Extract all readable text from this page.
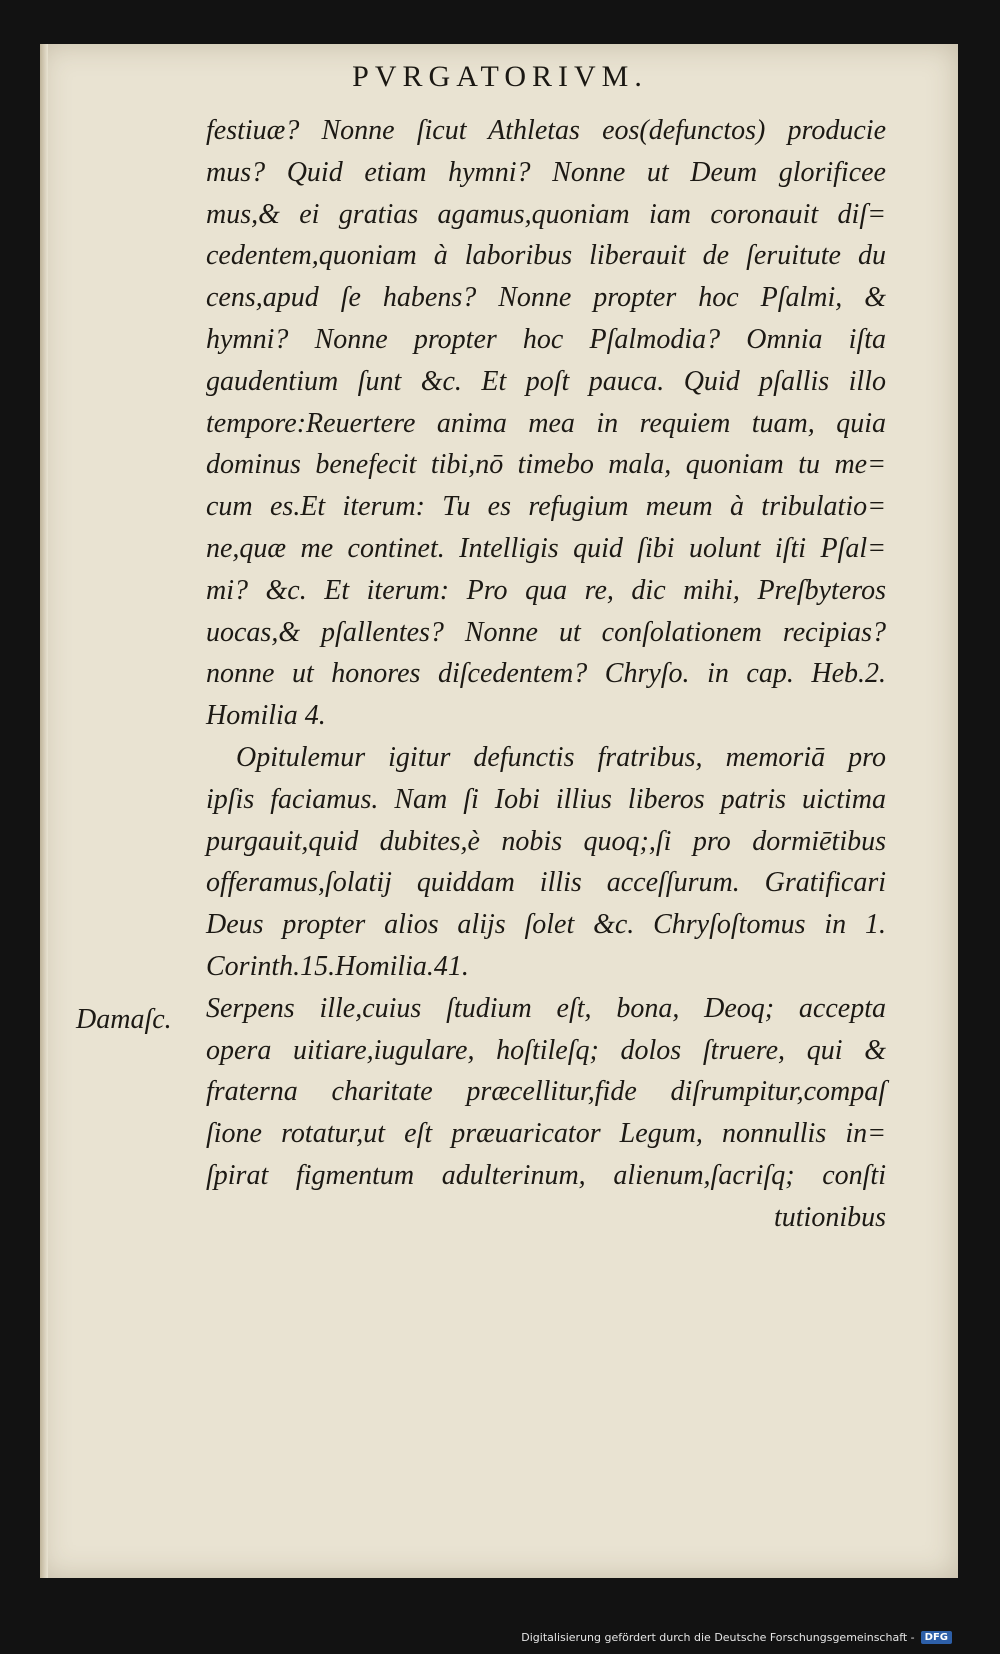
PVRGATORIVM.
festiuæ? Nonne ſicut Athletas eos(defunctos) producie
mus? Quid etiam hymni? Nonne ut Deum glorificee
mus,& ei gratias agamus,quoniam iam coronauit diſ=
cedentem,quoniam à laboribus liberauit de ſeruitute du
cens,apud ſe habens? Nonne propter hoc Pſalmi, &
hymni? Nonne propter hoc Pſalmodia? Omnia iſta
gaudentium ſunt &c. Et poſt pauca. Quid pſallis illo
tempore:Reuertere anima mea in requiem tuam, quia
dominus benefecit tibi,nō timebo mala, quoniam tu me=
cum es.Et iterum: Tu es refugium meum à tribulatio=
ne,quæ me continet. Intelligis quid ſibi uolunt iſti Pſal=
mi? &c. Et iterum: Pro qua re, dic mihi, Preſbyteros
uocas,& pſallentes? Nonne ut conſolationem recipias?
nonne ut honores diſcedentem? Chryſo. in cap. Heb.2.
Homilia 4.
Opitulemur igitur defunctis fratribus, memoriā pro
ipſis faciamus. Nam ſi Iobi illius liberos patris uictima
purgauit,quid dubites,è nobis quoq;,ſi pro dormiētibus
offeramus,ſolatij quiddam illis acceſſurum. Gratificari
Deus propter alios alijs ſolet &c. Chryſoſtomus in 1.
Corinth.15.Homilia.41.
Serpens ille,cuius ſtudium eſt, bona, Deoq; accepta
opera uitiare,iugulare, hoſtileſq; dolos ſtruere, qui &
fraterna charitate præcellitur,fide diſrumpitur,compaſ
ſione rotatur,ut eſt præuaricator Legum, nonnullis in=
ſpirat figmentum adulterinum, alienum,ſacriſq; conſti
tutionibus
Damaſc.
Digitalisierung gefördert durch die Deutsche Forschungsgemeinschaft -	DFG
